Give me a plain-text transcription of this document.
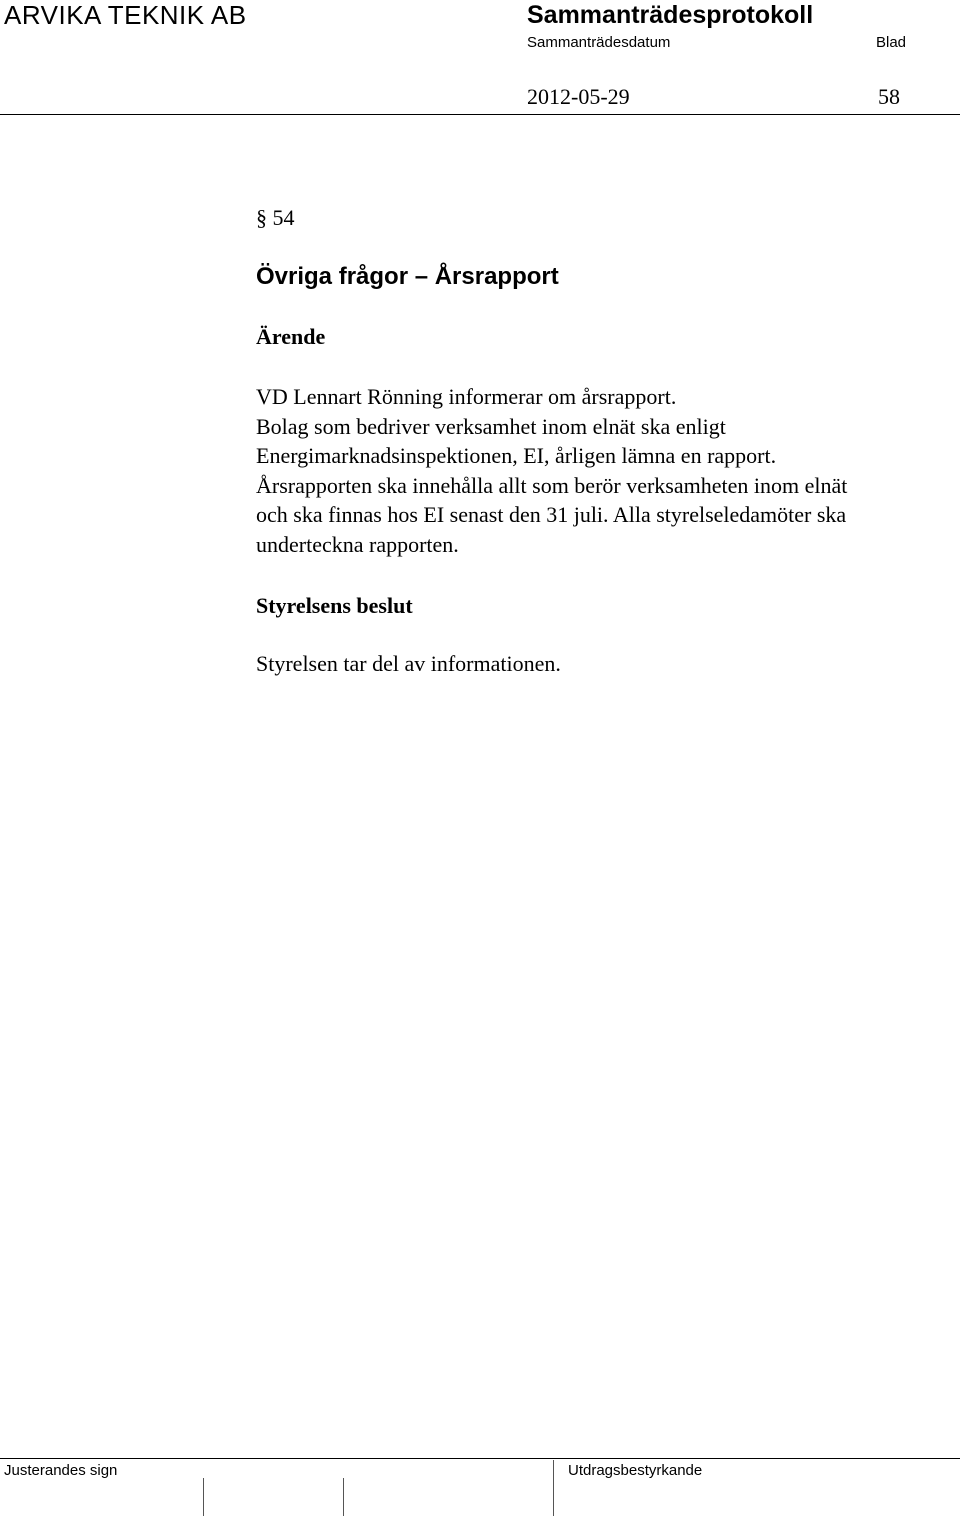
ARVIKA TEKNIK AB	Sammanträdesprotokoll
Sammanträdesdatum	Blad
2012-05-29	58

§ 54

Övriga frågor – Årsrapport
Ärende
VD Lennart Rönning informerar om årsrapport.
Bolag som bedriver verksamhet inom elnät ska enligt
Energimarknadsinspektionen, EI, årligen lämna en rapport.
Årsrapporten ska innehålla allt som berör verksamheten inom elnät
och ska finnas hos EI senast den 31 juli. Alla styrelseledamöter ska
underteckna rapporten.
Styrelsens beslut

Styrelsen tar del av informationen.

Justerandes sign	Utdragsbestyrkande
